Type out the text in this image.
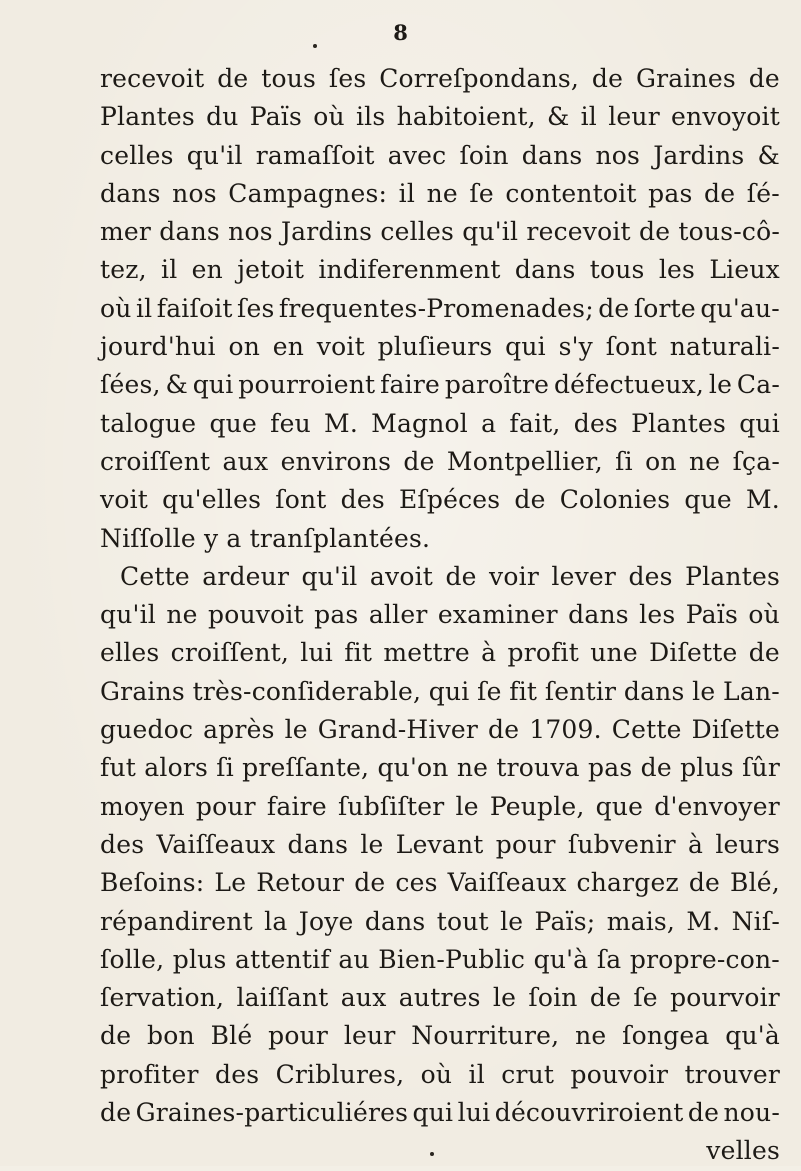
8
recevoit de tous ſes Correſpondans, de Graines de
Plantes du Païs où ils habitoient, & il leur envoyoit
celles qu'il ramaſſoit avec ſoin dans nos Jardins &
dans nos Campagnes: il ne ſe contentoit pas de ſé-
mer dans nos Jardins celles qu'il recevoit de tous-cô-
tez, il en jetoit indiferenment dans tous les Lieux
où il faiſoit ſes frequentes-Promenades; de ſorte qu'au-
jourd'hui on en voit pluſieurs qui s'y ſont naturali-
ſées, & qui pourroient faire paroître défectueux, le Ca-
talogue que feu M. Magnol a fait, des Plantes qui
croiſſent aux environs de Montpellier, ſi on ne ſça-
voit qu'elles ſont des Eſpéces de Colonies que M.
Niſſolle y a tranſplantées.
Cette ardeur qu'il avoit de voir lever des Plantes
qu'il ne pouvoit pas aller examiner dans les Païs où
elles croiſſent, lui fit mettre à profit une Diſette de
Grains très-conſiderable, qui ſe fit ſentir dans le Lan-
guedoc après le Grand-Hiver de 1709. Cette Diſette
fut alors ſi preſſante, qu'on ne trouva pas de plus ſûr
moyen pour faire ſubſiſter le Peuple, que d'envoyer
des Vaiſſeaux dans le Levant pour ſubvenir à leurs
Beſoins: Le Retour de ces Vaiſſeaux chargez de Blé,
répandirent la Joye dans tout le Païs; mais, M. Niſ-
ſolle, plus attentif au Bien-Public qu'à ſa propre-con-
ſervation, laiſſant aux autres le ſoin de ſe pourvoir
de bon Blé pour leur Nourriture, ne ſongea qu'à
profiter des Criblures, où il crut pouvoir trouver
de Graines-particuliéres qui lui découvriroient de nou-
velles
